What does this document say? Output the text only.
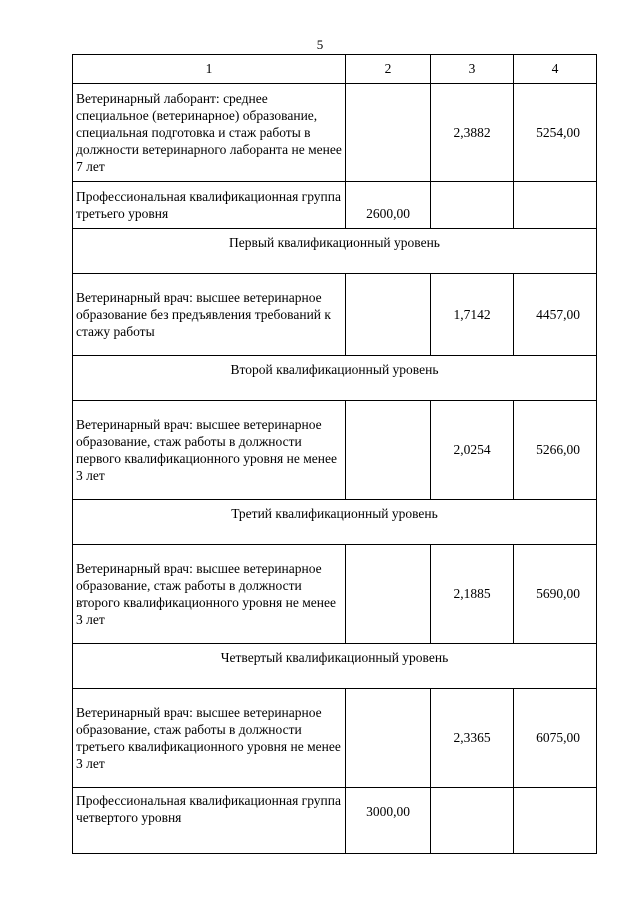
5
1	2	3	4
Ветеринарный лаборант: среднее специальное (ветеринарное) образование, специальная подготовка и стаж работы в должности ветеринарного лаборанта не менее 7 лет		2,3882	5254,00
Профессиональная квалификационная группа третьего уровня	2600,00		
Первый квалификационный уровень			
Ветеринарный врач: высшее ветеринарное образование без предъявления требований к стажу работы		1,7142	4457,00
Второй квалификационный уровень			
Ветеринарный врач: высшее ветеринарное образование, стаж работы в должности первого квалификационного уровня не менее 3 лет		2,0254	5266,00
Третий квалификационный уровень			
Ветеринарный врач: высшее ветеринарное образование, стаж работы в должности второго квалификационного уровня не менее 3 лет		2,1885	5690,00
Четвертый квалификационный уровень			
Ветеринарный врач: высшее ветеринарное образование, стаж работы в должности третьего квалификационного уровня не менее 3 лет		2,3365	6075,00
Профессиональная квалификационная группа четвертого уровня	3000,00		
